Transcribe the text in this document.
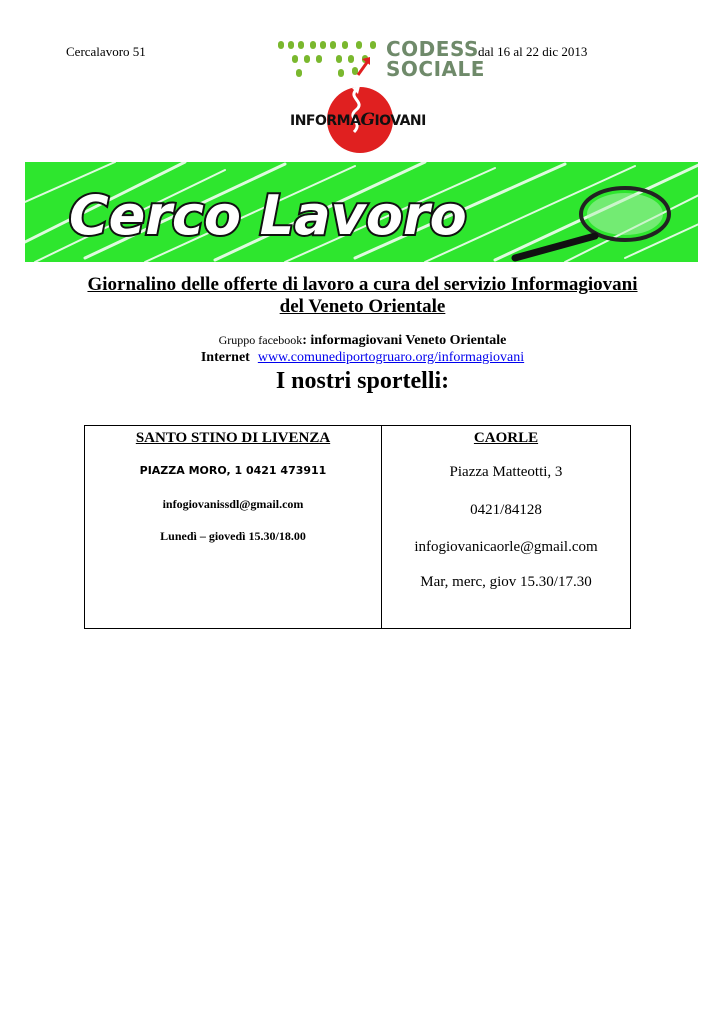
Cercalavoro 51	dal 16 al 22 dic 2013
CODESS
SOCIALE
INFORMAGIOVANI
Cerco Lavoro
Giornalino delle offerte di lavoro a cura del servizio Informagiovani
del Veneto Orientale
Gruppo facebook: informagiovani Veneto Orientale
Internet www.comunediportogruaro.org/informagiovani
I nostri sportelli:
SANTO STINO DI LIVENZA
PIAZZA MORO, 1 0421 473911
infogiovanissdl@gmail.com
Lunedì – giovedì 15.30/18.00
CAORLE
Piazza Matteotti, 3
0421/84128
infogiovanicaorle@gmail.com
Mar, merc, giov 15.30/17.30
